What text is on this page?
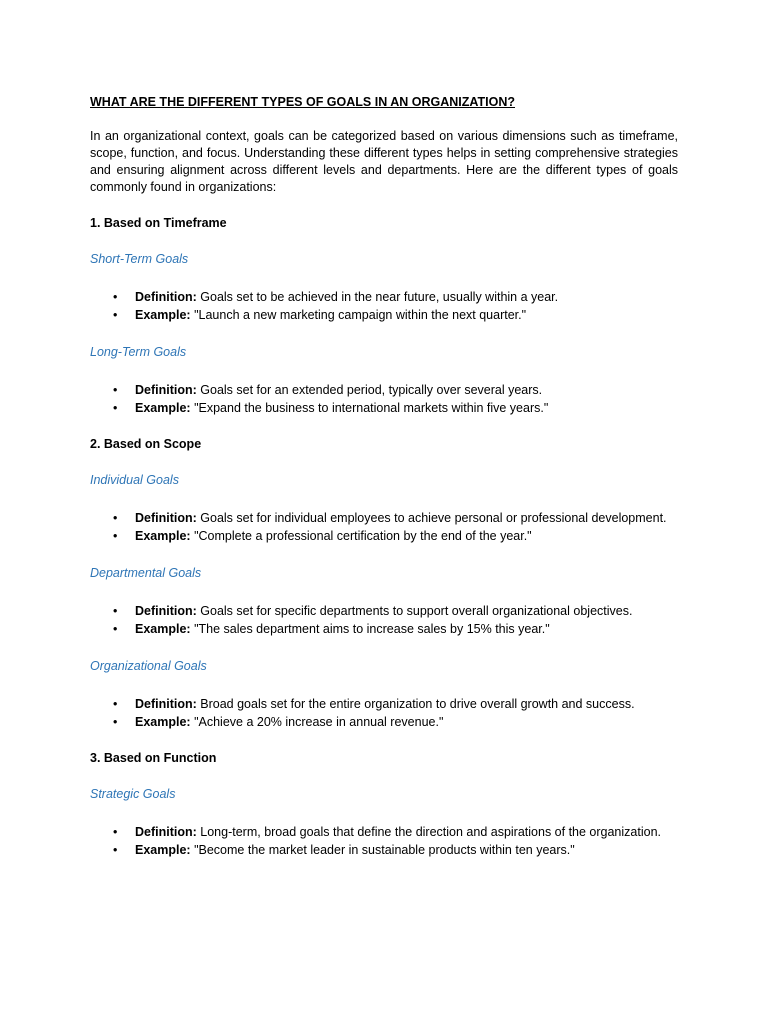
WHAT ARE THE DIFFERENT TYPES OF GOALS IN AN ORGANIZATION?

In an organizational context, goals can be categorized based on various dimensions such as timeframe, scope, function, and focus. Understanding these different types helps in setting comprehensive strategies and ensuring alignment across different levels and departments. Here are the different types of goals commonly found in organizations:

1. Based on Timeframe
Short-Term Goals
• Definition: Goals set to be achieved in the near future, usually within a year.
• Example: "Launch a new marketing campaign within the next quarter."
Long-Term Goals
• Definition: Goals set for an extended period, typically over several years.
• Example: "Expand the business to international markets within five years."
2. Based on Scope
Individual Goals
• Definition: Goals set for individual employees to achieve personal or professional development.
• Example: "Complete a professional certification by the end of the year."
Departmental Goals
• Definition: Goals set for specific departments to support overall organizational objectives.
• Example: "The sales department aims to increase sales by 15% this year."
Organizational Goals
• Definition: Broad goals set for the entire organization to drive overall growth and success.
• Example: "Achieve a 20% increase in annual revenue."
3. Based on Function
Strategic Goals
• Definition: Long-term, broad goals that define the direction and aspirations of the organization.
• Example: "Become the market leader in sustainable products within ten years."
